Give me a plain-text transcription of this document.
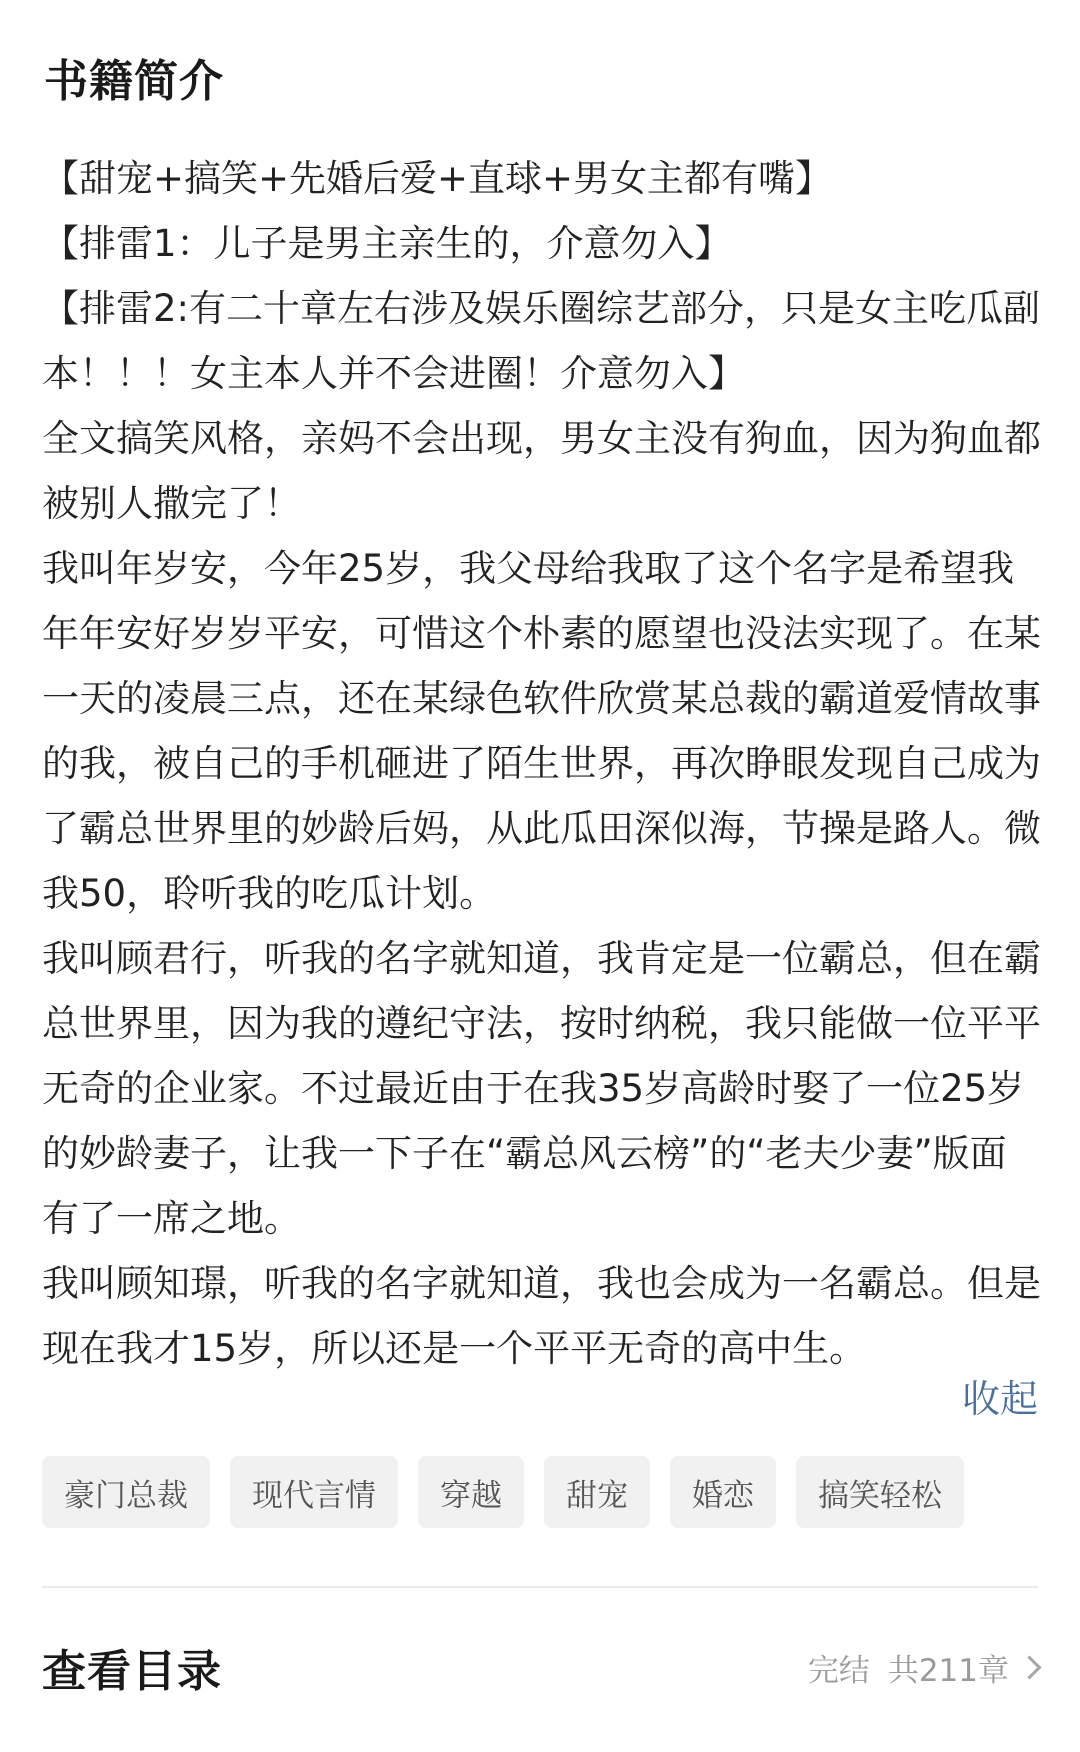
书籍简介

【甜宠+搞笑+先婚后爱+直球+男女主都有嘴】

【排雷1：儿子是男主亲生的，介意勿入】

【排雷2:有二十章左右涉及娱乐圈综艺部分，只是女主吃瓜副本！！！女主本人并不会进圈！介意勿入】

全文搞笑风格，亲妈不会出现，男女主没有狗血，因为狗血都被别人撒完了！

我叫年岁安，今年25岁，我父母给我取了这个名字是希望我年年安好岁岁平安，可惜这个朴素的愿望也没法实现了。在某一天的凌晨三点，还在某绿色软件欣赏某总裁的霸道爱情故事的我，被自己的手机砸进了陌生世界，再次睁眼发现自己成为了霸总世界里的妙龄后妈，从此瓜田深似海，节操是路人。微我50，聆听我的吃瓜计划。

我叫顾君行，听我的名字就知道，我肯定是一位霸总，但在霸总世界里，因为我的遵纪守法，按时纳税，我只能做一位平平无奇的企业家。不过最近由于在我35岁高龄时娶了一位25岁的妙龄妻子，让我一下子在“霸总风云榜”的“老夫少妻”版面有了一席之地。

我叫顾知璟，听我的名字就知道，我也会成为一名霸总。但是现在我才15岁，所以还是一个平平无奇的高中生。

收起
豪门总裁	现代言情	穿越	甜宠	婚恋	搞笑轻松
查看目录	完结 共211章
